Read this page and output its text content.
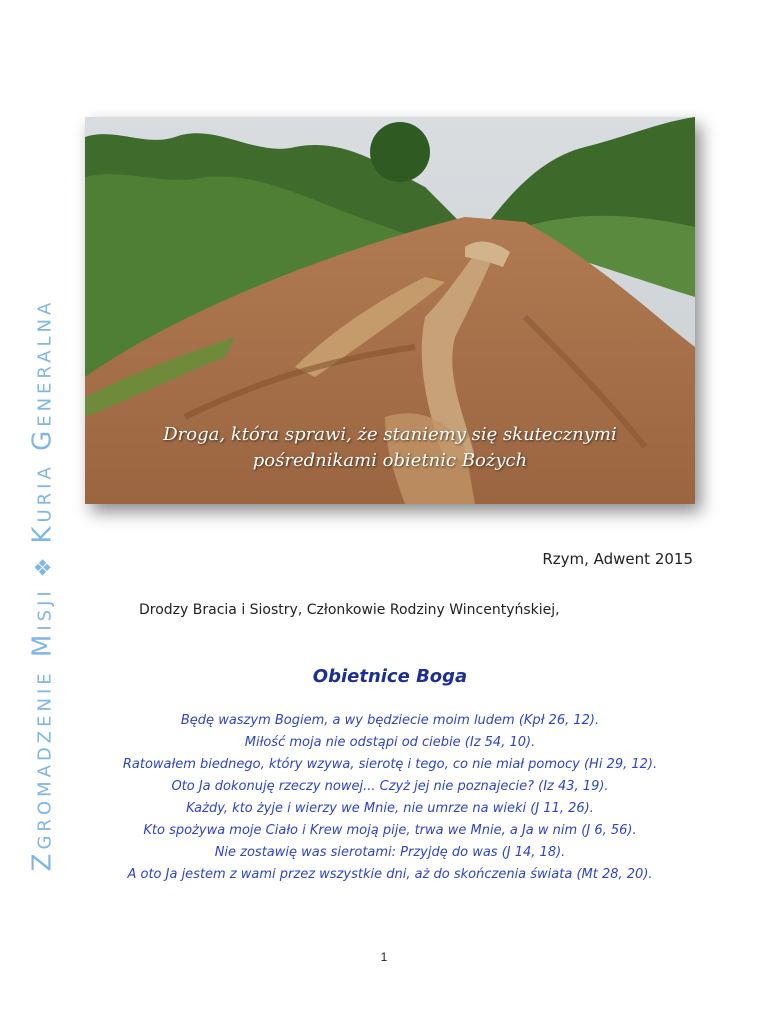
Zgromadzenie Misji❖Kuria Generalna	Droga, która sprawi, że staniemy się skutecznymi
pośrednikami obietnic Bożych
Rzym, Adwent 2015
Drodzy Bracia i Siostry, Członkowie Rodziny Wincentyńskiej,
Obietnice Boga
Będę waszym Bogiem, a wy będziecie moim ludem (Kpł 26, 12).
Miłość moja nie odstąpi od ciebie (Iz 54, 10).
Ratowałem biednego, który wzywa, sierotę i tego, co nie miał pomocy (Hi 29, 12).
Oto Ja dokonuję rzeczy nowej... Czyż jej nie poznajecie? (Iz 43, 19).
Każdy, kto żyje i wierzy we Mnie, nie umrze na wieki (J 11, 26).
Kto spożywa moje Ciało i Krew moją pije, trwa we Mnie, a Ja w nim (J 6, 56).
Nie zostawię was sierotami: Przyjdę do was (J 14, 18).
A oto Ja jestem z wami przez wszystkie dni, aż do skończenia świata (Mt 28, 20).
1
